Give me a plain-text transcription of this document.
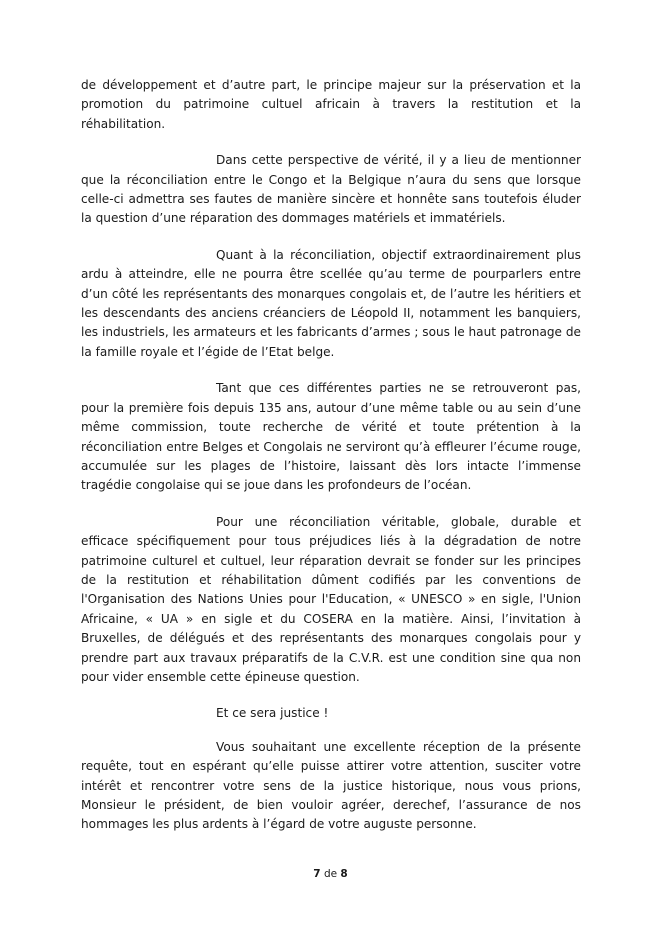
de développement et d’autre part, le principe majeur sur la préservation et la promotion du patrimoine cultuel africain à travers la restitution et la réhabilitation.

Dans cette perspective de vérité, il y a lieu de mentionner que la réconciliation entre le Congo et la Belgique n’aura du sens que lorsque celle-ci admettra ses fautes de manière sincère et honnête sans toutefois éluder la question d’une réparation des dommages matériels et immatériels.

Quant à la réconciliation, objectif extraordinairement plus ardu à atteindre, elle ne pourra être scellée qu’au terme de pourparlers entre d’un côté les représentants des monarques congolais et, de l’autre les héritiers et les descendants des anciens créanciers de Léopold II, notamment les banquiers, les industriels, les armateurs et les fabricants d’armes ; sous le haut patronage de la famille royale et l’égide de l’Etat belge.

Tant que ces différentes parties ne se retrouveront pas, pour la première fois depuis 135 ans, autour d’une même table ou au sein d’une même commission, toute recherche de vérité et toute prétention à la réconciliation entre Belges et Congolais ne serviront qu’à effleurer l’écume rouge, accumulée sur les plages de l’histoire, laissant dès lors intacte l’immense tragédie congolaise qui se joue dans les profondeurs de l’océan.

Pour une réconciliation véritable, globale, durable et efficace spécifiquement pour tous préjudices liés à la dégradation de notre patrimoine culturel et cultuel, leur réparation devrait se fonder sur les principes de la restitution et réhabilitation dûment codifiés par les conventions de l'Organisation des Nations Unies pour l'Education, « UNESCO » en sigle, l'Union Africaine, « UA » en sigle et du COSERA en la matière. Ainsi, l’invitation à Bruxelles, de délégués et des représentants des monarques congolais pour y prendre part aux travaux préparatifs de la C.V.R. est une condition sine qua non pour vider ensemble cette épineuse question.

Et ce sera justice !

Vous souhaitant une excellente réception de la présente requête, tout en espérant qu’elle puisse attirer votre attention, susciter votre intérêt et rencontrer votre sens de la justice historique, nous vous prions, Monsieur le président, de bien vouloir agréer, derechef, l’assurance de nos hommages les plus ardents à l’égard de votre auguste personne.

7 de 8
